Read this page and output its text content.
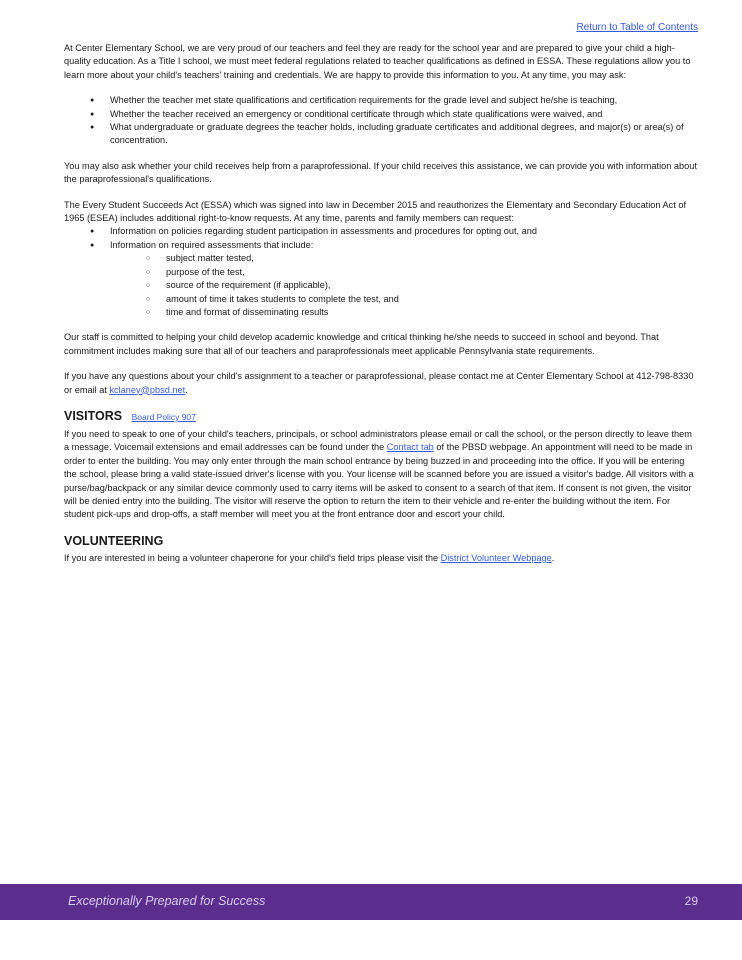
Return to Table of Contents

At Center Elementary School, we are very proud of our teachers and feel they are ready for the school year and are prepared to give your child a high-quality education. As a Title I school, we must meet federal regulations related to teacher qualifications as defined in ESSA. These regulations allow you to learn more about your child's teachers' training and credentials. We are happy to provide this information to you. At any time, you may ask:

● Whether the teacher met state qualifications and certification requirements for the grade level and subject he/she is teaching,
● Whether the teacher received an emergency or conditional certificate through which state qualifications were waived, and
● What undergraduate or graduate degrees the teacher holds, including graduate certificates and additional degrees, and major(s) or area(s) of concentration.

You may also ask whether your child receives help from a paraprofessional. If your child receives this assistance, we can provide you with information about the paraprofessional's qualifications.

The Every Student Succeeds Act (ESSA) which was signed into law in December 2015 and reauthorizes the Elementary and Secondary Education Act of 1965 (ESEA) includes additional right-to-know requests. At any time, parents and family members can request:

● Information on policies regarding student participation in assessments and procedures for opting out, and
● Information on required assessments that include:
○ subject matter tested,
○ purpose of the test,
○ source of the requirement (if applicable),
○ amount of time it takes students to complete the test, and
○ time and format of disseminating results

Our staff is committed to helping your child develop academic knowledge and critical thinking he/she needs to succeed in school and beyond. That commitment includes making sure that all of our teachers and paraprofessionals meet applicable Pennsylvania state requirements.

If you have any questions about your child's assignment to a teacher or paraprofessional, please contact me at Center Elementary School at 412-798-8330 or email at kclaney@pbsd.net.

VISITORS Board Policy 907

If you need to speak to one of your child's teachers, principals, or school administrators please email or call the school, or the person directly to leave them a message. Voicemail extensions and email addresses can be found under the Contact tab of the PBSD webpage. An appointment will need to be made in order to enter the building. You may only enter through the main school entrance by being buzzed in and proceeding into the office. If you will be entering the school, please bring a valid state-issued driver's license with you. Your license will be scanned before you are issued a visitor's badge. All visitors with a purse/bag/backpack or any similar device commonly used to carry items will be asked to consent to a search of that item. If consent is not given, the visitor will be denied entry into the building. The visitor will reserve the option to return the item to their vehicle and re-enter the building without the item. For student pick-ups and drop-offs, a staff member will meet you at the front entrance door and escort your child.

VOLUNTEERING

If you are interested in being a volunteer chaperone for your child's field trips please visit the District Volunteer Webpage.

Exceptionally Prepared for Success	29
